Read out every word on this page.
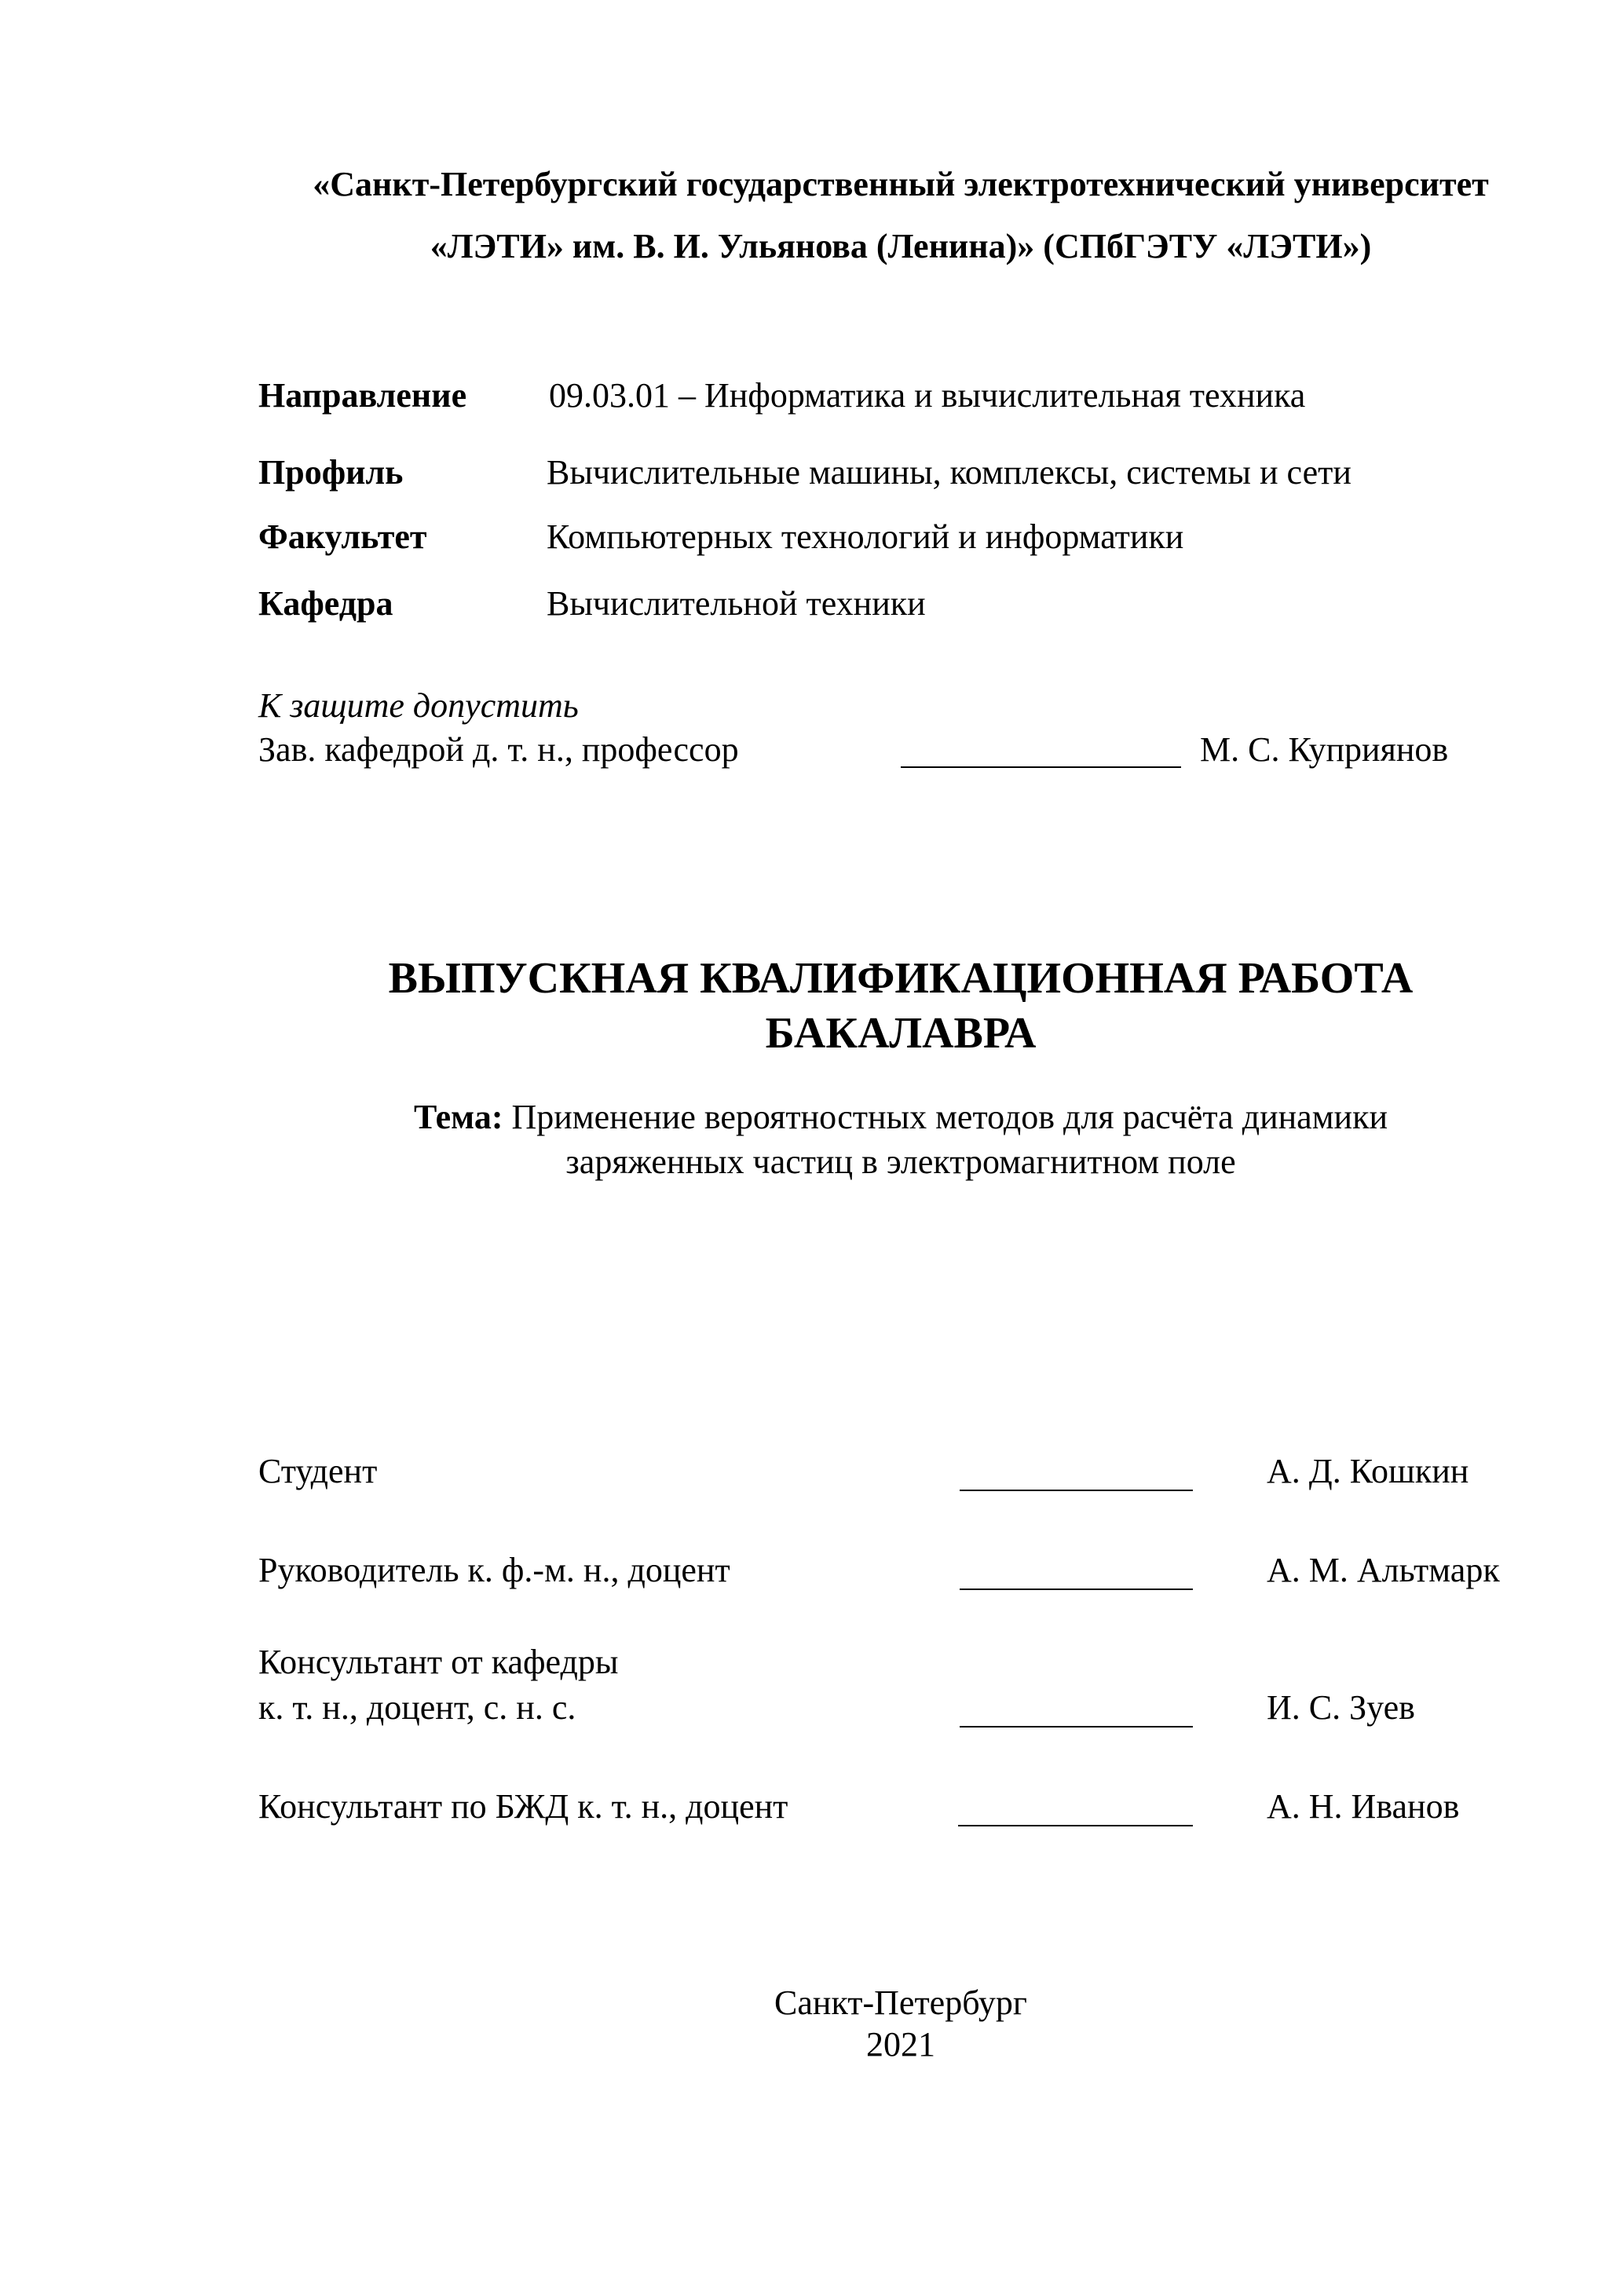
«Санкт-Петербургский государственный электротехнический университет
«ЛЭТИ» им. В. И. Ульянова (Ленина)» (СПбГЭТУ «ЛЭТИ»)
Направление 09.03.01 – Информатика и вычислительная техника
Профиль	Вычислительные машины, комплексы, системы и сети
Факультет	Компьютерных технологий и информатики
Кафедра	Вычислительной техники
К защите допустить
Зав. кафедрой д. т. н., профессор	М. С. Куприянов
ВЫПУСКНАЯ КВАЛИФИКАЦИОННАЯ РАБОТА
БАКАЛАВРА
Тема: Применение вероятностных методов для расчёта динамики
заряженных частиц в электромагнитном поле
Студент	А. Д. Кошкин
Руководитель к. ф.-м. н., доцент	А. М. Альтмарк
Консультант от кафедры
к. т. н., доцент, с. н. с.	И. С. Зуев
Консультант по БЖД к. т. н., доцент	А. Н. Иванов
Санкт-Петербург
2021
